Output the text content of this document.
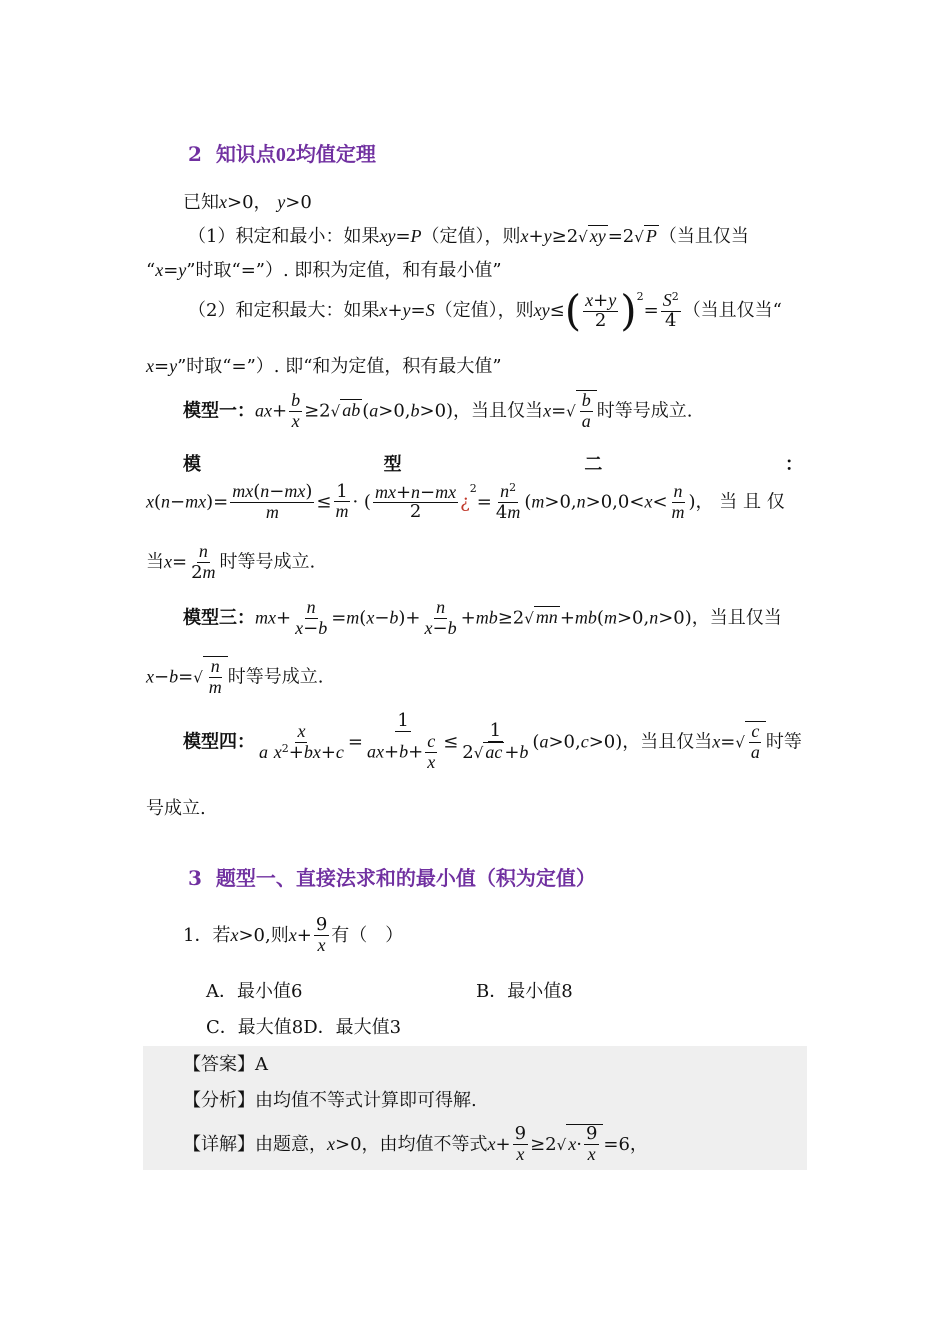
2  知识点02均值定理
已知x>0， y>0
（1）积定和最小：如果xy=P（定值），则x+y≥2√ xy =2√ P （当且仅当
“x=y”时取“=”）. 即积为定值，和有最小值”
（2）和定积最大：如果x+y=S（定值），则$xy\le( \frac{x+y}{2} )^2= \frac{S^2}{4}$ （当且仅当“
x=y”时取“=”）. 即“和为定值，积有最大值”
模型一：$ax+ \frac{b}{x} \ge 2√$ ab (a>0,b>0)，当且仅当$x=√ \frac{b}{a}$ 时等号成立.
模	型	二	：
$x(n-mx)= \frac{mx(n-mx)}{m} \le \frac{1}{m}$ · ( $\frac{mx+n-mx}{2}$ ¿$^2= \frac{n^2}{4m} (m>0,n>0,0<x< \frac{n}{m}$ )， 当 且 仅
当$x= \frac{n}{2m}$ 时等号成立.
模型三：$mx+ \frac{n}{x-b} =m(x-b)+ \frac{n}{x-b} +mb\ge 2√$ mn +mb(m>0,n>0)，当且仅当
$x-b=√ \frac{n}{m}$ 时等号成立.
模型四： $\frac{x}{a x^2+bx+c} = \frac{1}{ax+b+ \frac{c}{x}} \le \frac{1}{2√ ac +b} (a>0,c>0)$，当且仅当$x=√ \frac{c}{a}$ 时等
号成立.
3  题型一、直接法求和的最小值（积为定值）
1．若x>0,则$x+ \frac{9}{x}$ 有（　）
A．最小值6	B．最小值8
C．最大值8D．最大值3
【答案】A
【分析】由均值不等式计算即可得解.
【详解】由题意，x>0，由均值不等式$x+ \frac{9}{x} \ge 2√$ $x\cdot \frac{9}{x} =6$，
